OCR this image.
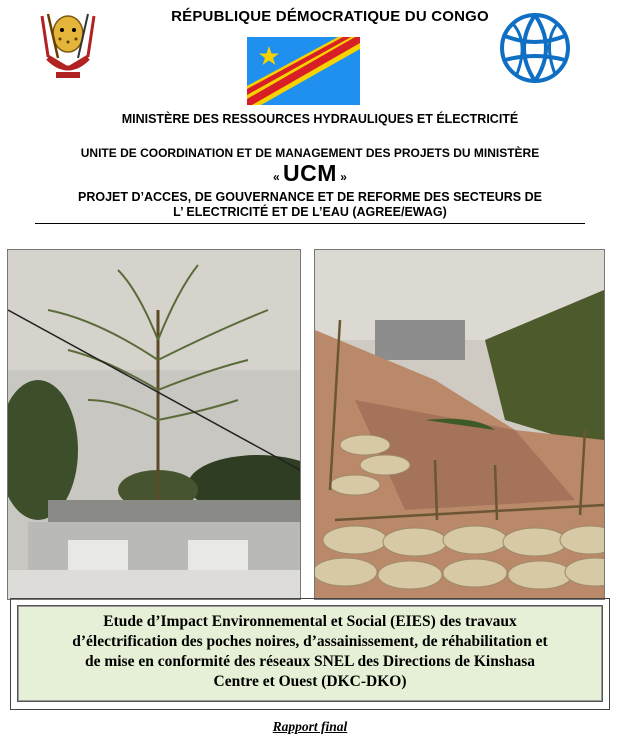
RÉPUBLIQUE DÉMOCRATIQUE DU CONGO
MINISTÈRE DES RESSOURCES HYDRAULIQUES ET ÉLECTRICITÉ
UNITE DE COORDINATION ET DE MANAGEMENT DES PROJETS DU MINISTÈRE
« UCM »
PROJET D’ACCES, DE GOUVERNANCE ET DE REFORME DES SECTEURS DE
L’ ELECTRICITÉ ET DE L’EAU (AGREE/EWAG)
Etude d’Impact Environnemental et Social (EIES) des travaux
d’électrification des poches noires, d’assainissement, de réhabilitation et
de mise en conformité des réseaux SNEL des Directions de Kinshasa
Centre et Ouest (DKC-DKO)
Rapport final
